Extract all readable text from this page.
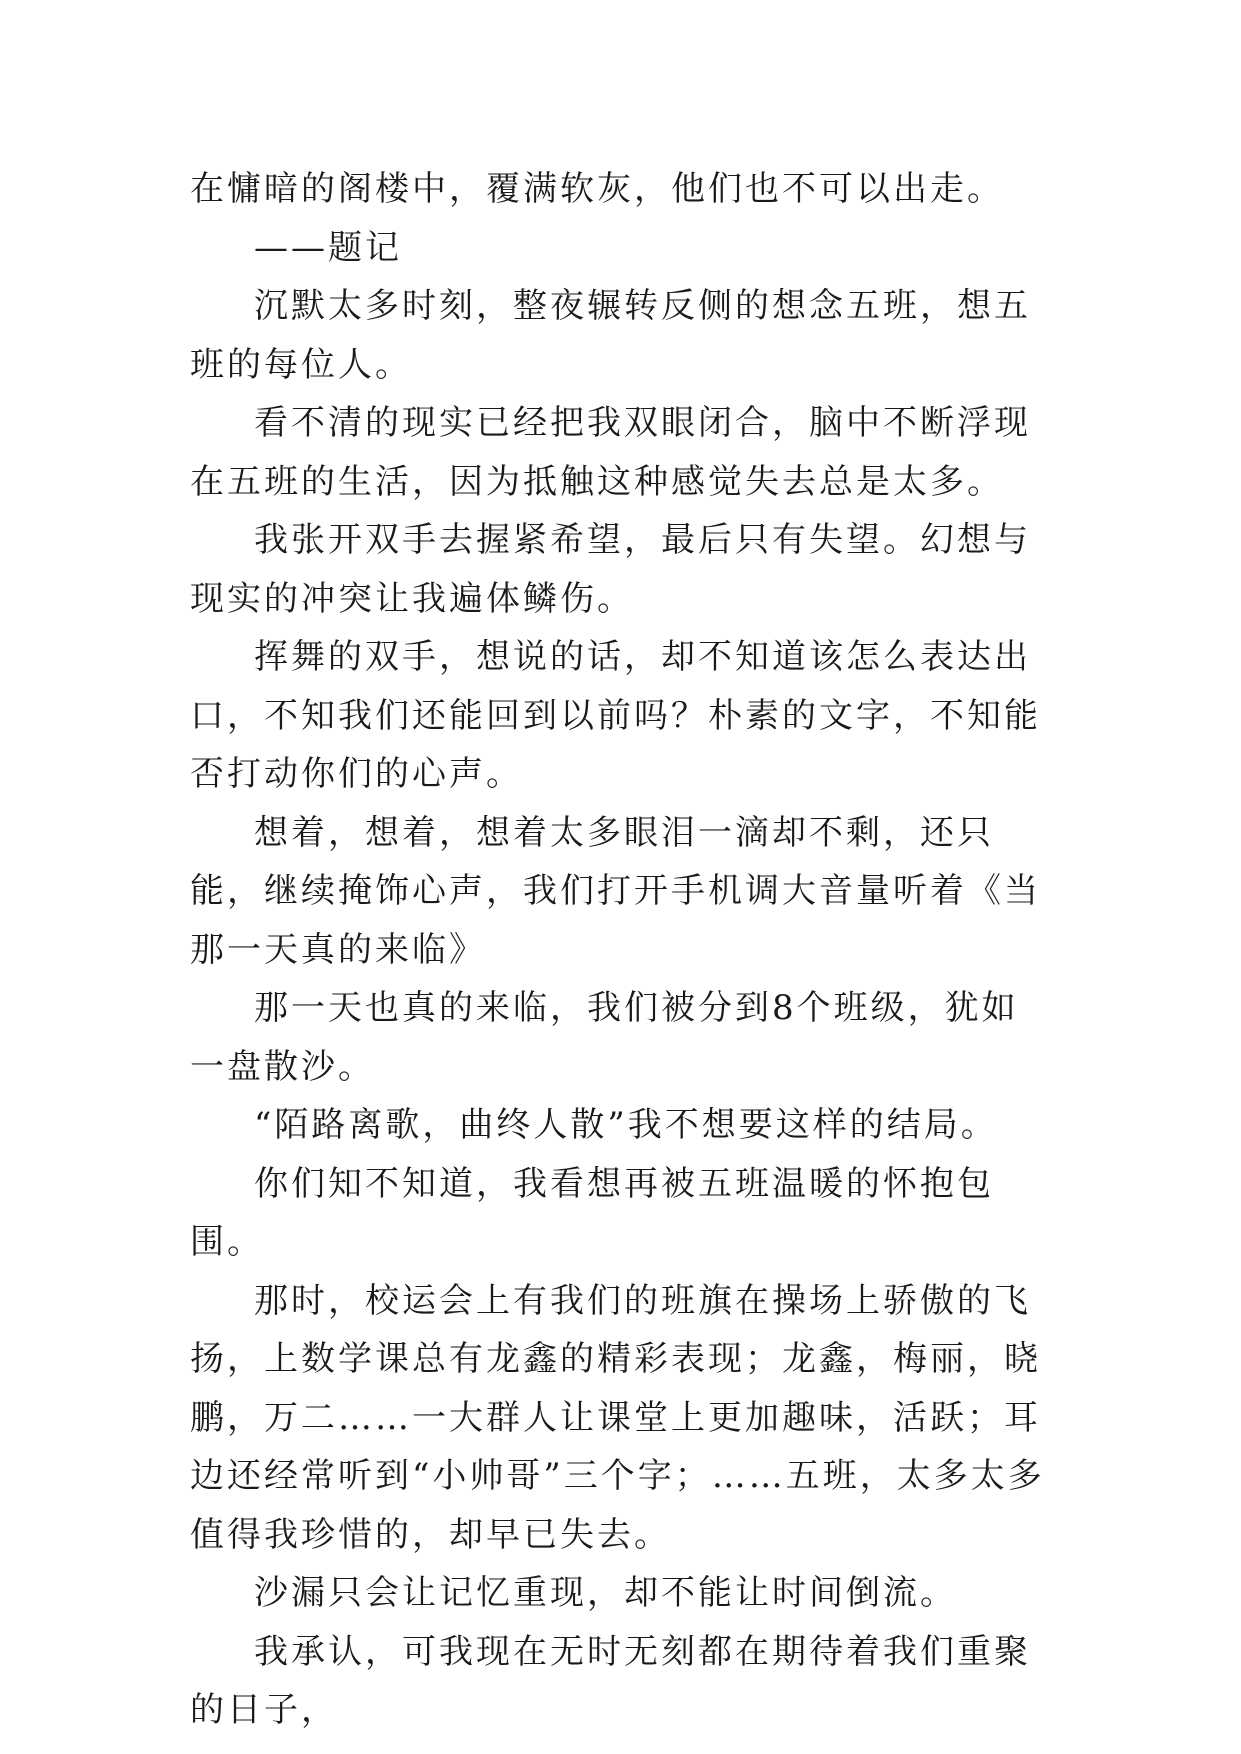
在慵暗的阁楼中，覆满软灰，他们也不可以出走。

——题记

沉默太多时刻，整夜辗转反侧的想念五班，想五班的每位人。

看不清的现实已经把我双眼闭合，脑中不断浮现在五班的生活，因为抵触这种感觉失去总是太多。

我张开双手去握紧希望，最后只有失望。幻想与现实的冲突让我遍体鳞伤。

挥舞的双手，想说的话，却不知道该怎么表达出口，不知我们还能回到以前吗？朴素的文字，不知能否打动你们的心声。

想着，想着，想着太多眼泪一滴却不剩，还只能，继续掩饰心声，我们打开手机调大音量听着《当那一天真的来临》

那一天也真的来临，我们被分到8个班级，犹如一盘散沙。

“陌路离歌，曲终人散”我不想要这样的结局。

你们知不知道，我看想再被五班温暖的怀抱包围。

那时，校运会上有我们的班旗在操场上骄傲的飞扬，上数学课总有龙鑫的精彩表现；龙鑫，梅丽，晓鹏，万二……一大群人让课堂上更加趣味，活跃；耳边还经常听到“小帅哥”三个字；……五班，太多太多值得我珍惜的，却早已失去。

沙漏只会让记忆重现，却不能让时间倒流。

我承认，可我现在无时无刻都在期待着我们重聚的日子，
